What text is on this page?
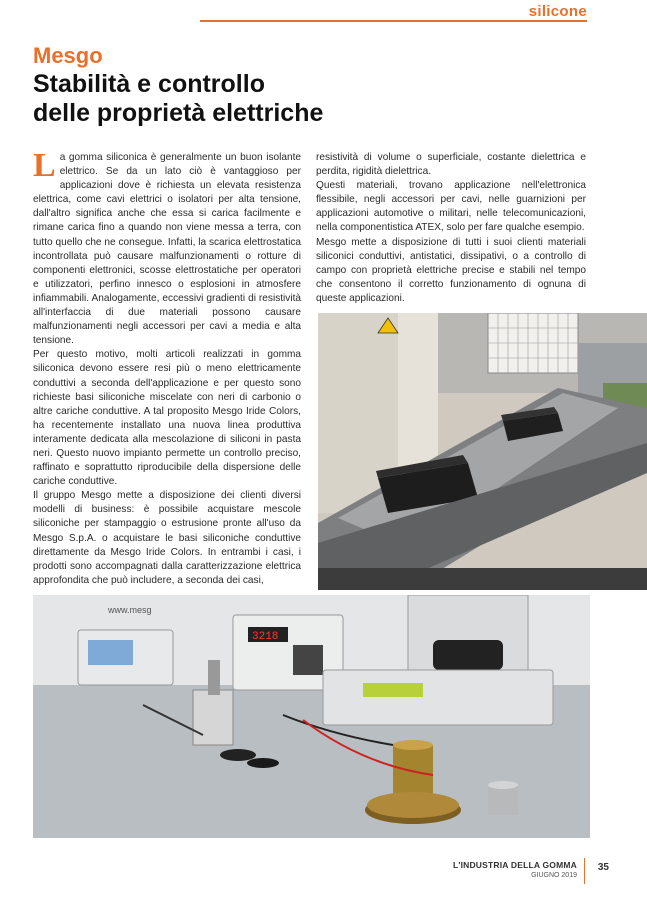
silicone
Mesgo
Stabilità e controllo
delle proprietà elettriche

La gomma siliconica è generalmente un buon isolante elettrico. Se da un lato ciò è vantaggioso per applicazioni dove è richiesta un elevata resistenza elettrica, come cavi elettrici o isolatori per alta tensione, dall'altro significa anche che essa si carica facilmente e rimane carica fino a quando non viene messa a terra, con tutto quello che ne consegue. Infatti, la scarica elettrostatica incontrollata può causare malfunzionamenti o rotture di componenti elettronici, scosse elettrostatiche per operatori e utilizzatori, perfino innesco o esplosioni in atmosfere infiammabili. Analogamente, eccessivi gradienti di resistività all'interfaccia di due materiali possono causare malfunzionamenti negli accessori per cavi a media e alta tensione.

Per questo motivo, molti articoli realizzati in gomma siliconica devono essere resi più o meno elettricamente conduttivi a seconda dell'applicazione e per questo sono richieste basi siliconiche miscelate con neri di carbonio o altre cariche conduttive. A tal proposito Mesgo Iride Colors, ha recentemente installato una nuova linea produttiva interamente dedicata alla mescolazione di siliconi in pasta neri. Questo nuovo impianto permette un controllo preciso, raffinato e soprattutto riproducibile della dispersione delle cariche conduttive.

Il gruppo Mesgo mette a disposizione dei clienti diversi modelli di business: è possibile acquistare mescole siliconiche per stampaggio o estrusione pronte all'uso da Mesgo S.p.A. o acquistare le basi siliconiche conduttive direttamente da Mesgo Iride Colors. In entrambi i casi, i prodotti sono accompagnati dalla caratterizzazione elettrica approfondita che può includere, a seconda dei casi,

resistività di volume o superficiale, costante dielettrica e perdita, rigidità dielettrica.

Questi materiali, trovano applicazione nell'elettronica flessibile, negli accessori per cavi, nelle guarnizioni per applicazioni automotive o militari, nelle telecomunicazioni, nella componentistica ATEX, solo per fare qualche esempio.

Mesgo mette a disposizione di tutti i suoi clienti materiali siliconici conduttivi, antistatici, dissipativi, o a controllo di campo con proprietà elettriche precise e stabili nel tempo che consentono il corretto funzionamento di ognuna di queste applicazioni.

www.mesg
3218
L'INDUSTRIA DELLA GOMMA
GIUGNO 2019
35
